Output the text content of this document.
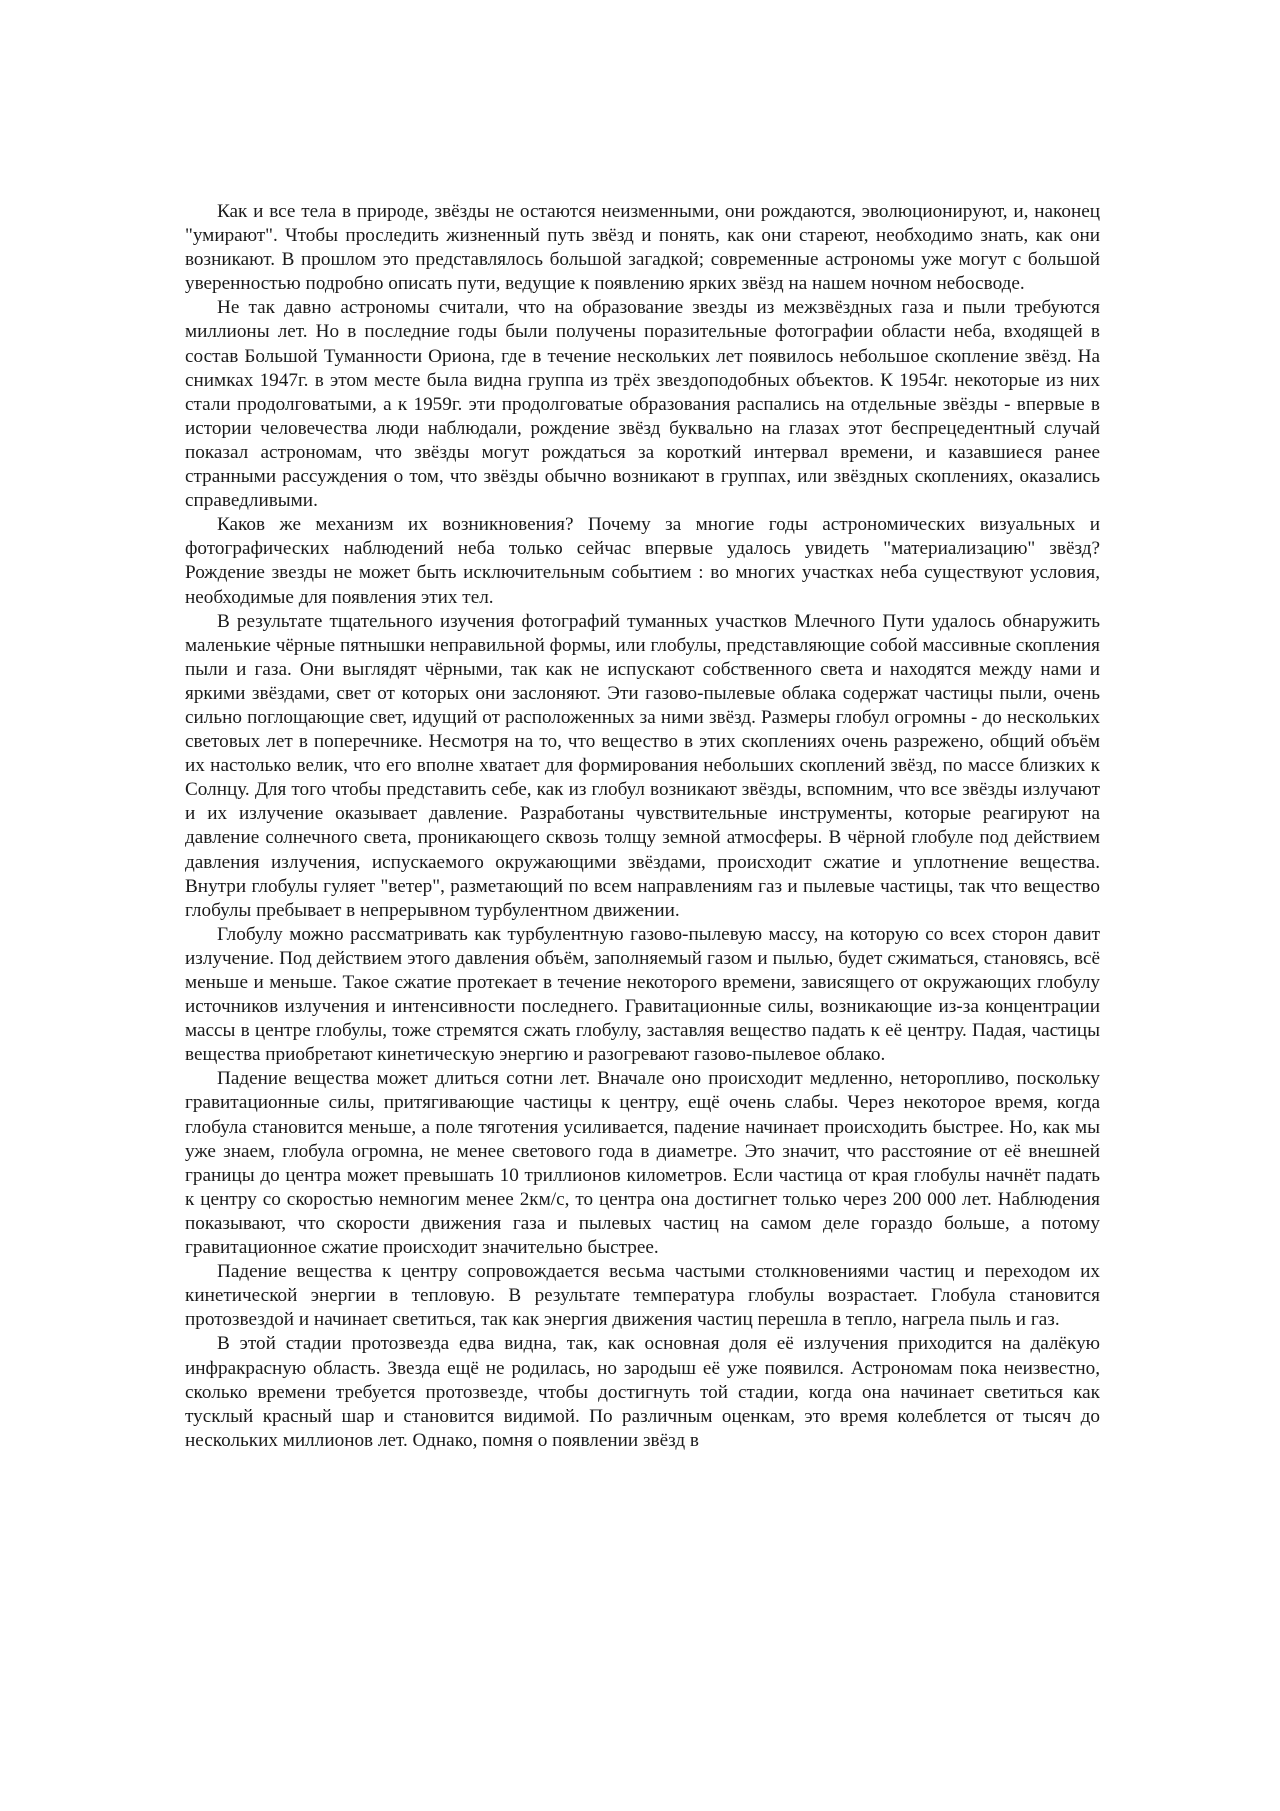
Как и все тела в природе, звёзды не остаются неизменными, они рождаются, эволюционируют, и, наконец "умирают". Чтобы проследить жизненный путь звёзд и понять, как они стареют, необходимо знать, как они возникают. В прошлом это представлялось большой загадкой; современные астрономы уже могут с большой уверенностью подробно описать пути, ведущие к появлению ярких звёзд на нашем ночном небосводе.

Не так давно астрономы считали, что на образование звезды из межзвёздных газа и пыли требуются миллионы лет. Но в последние годы были получены поразительные фотографии области неба, входящей в состав Большой Туманности Ориона, где в течение нескольких лет появилось небольшое скопление звёзд. На снимках 1947г. в этом месте была видна группа из трёх звездоподобных объектов. К 1954г. некоторые из них стали продолговатыми, а к 1959г. эти продолговатые образования распались на отдельные звёзды - впервые в истории человечества люди наблюдали, рождение звёзд буквально на глазах этот беспрецедентный случай показал астрономам, что звёзды могут рождаться за короткий интервал времени, и казавшиеся ранее странными рассуждения о том, что звёзды обычно возникают в группах, или звёздных скоплениях, оказались справедливыми.

Каков же механизм их возникновения? Почему за многие годы астрономических визуальных и фотографических наблюдений неба только сейчас впервые удалось увидеть "материализацию" звёзд? Рождение звезды не может быть исключительным событием : во многих участках неба существуют условия, необходимые для появления этих тел.

В результате тщательного изучения фотографий туманных участков Млечного Пути удалось обнаружить маленькие чёрные пятнышки неправильной формы, или глобулы, представляющие собой массивные скопления пыли и газа. Они выглядят чёрными, так как не испускают собственного света и находятся между нами и яркими звёздами, свет от которых они заслоняют. Эти газово-пылевые облака содержат частицы пыли, очень сильно поглощающие свет, идущий от расположенных за ними звёзд. Размеры глобул огромны - до нескольких световых лет в поперечнике. Несмотря на то, что вещество в этих скоплениях очень разрежено, общий объём их настолько велик, что его вполне хватает для формирования небольших скоплений звёзд, по массе близких к Солнцу. Для того чтобы представить себе, как из глобул возникают звёзды, вспомним, что все звёзды излучают и их излучение оказывает давление. Разработаны чувствительные инструменты, которые реагируют на давление солнечного света, проникающего сквозь толщу земной атмосферы. В чёрной глобуле под действием давления излучения, испускаемого окружающими звёздами, происходит сжатие и уплотнение вещества. Внутри глобулы гуляет "ветер", разметающий по всем направлениям газ и пылевые частицы, так что вещество глобулы пребывает в непрерывном турбулентном движении.

Глобулу можно рассматривать как турбулентную газово-пылевую массу, на которую со всех сторон давит излучение. Под действием этого давления объём, заполняемый газом и пылью, будет сжиматься, становясь, всё меньше и меньше. Такое сжатие протекает в течение некоторого времени, зависящего от окружающих глобулу источников излучения и интенсивности последнего. Гравитационные силы, возникающие из-за концентрации массы в центре глобулы, тоже стремятся сжать глобулу, заставляя вещество падать к её центру. Падая, частицы вещества приобретают кинетическую энергию и разогревают газово-пылевое облако.

Падение вещества может длиться сотни лет. Вначале оно происходит медленно, неторопливо, поскольку гравитационные силы, притягивающие частицы к центру, ещё очень слабы. Через некоторое время, когда глобула становится меньше, а поле тяготения усиливается, падение начинает происходить быстрее. Но, как мы уже знаем, глобула огромна, не менее светового года в диаметре. Это значит, что расстояние от её внешней границы до центра может превышать 10 триллионов километров. Если частица от края глобулы начнёт падать к центру со скоростью немногим менее 2км/с, то центра она достигнет только через 200 000 лет. Наблюдения показывают, что скорости движения газа и пылевых частиц на самом деле гораздо больше, а потому гравитационное сжатие происходит значительно быстрее.

Падение вещества к центру сопровождается весьма частыми столкновениями частиц и переходом их кинетической энергии в тепловую. В результате температура глобулы возрастает. Глобула становится протозвездой и начинает светиться, так как энергия движения частиц перешла в тепло, нагрела пыль и газ.

В этой стадии протозвезда едва видна, так, как основная доля её излучения приходится на далёкую инфракрасную область. Звезда ещё не родилась, но зародыш её уже появился. Астрономам пока неизвестно, сколько времени требуется протозвезде, чтобы достигнуть той стадии, когда она начинает светиться как тусклый красный шар и становится видимой. По различным оценкам, это время колеблется от тысяч до нескольких миллионов лет. Однако, помня о появлении звёзд в
